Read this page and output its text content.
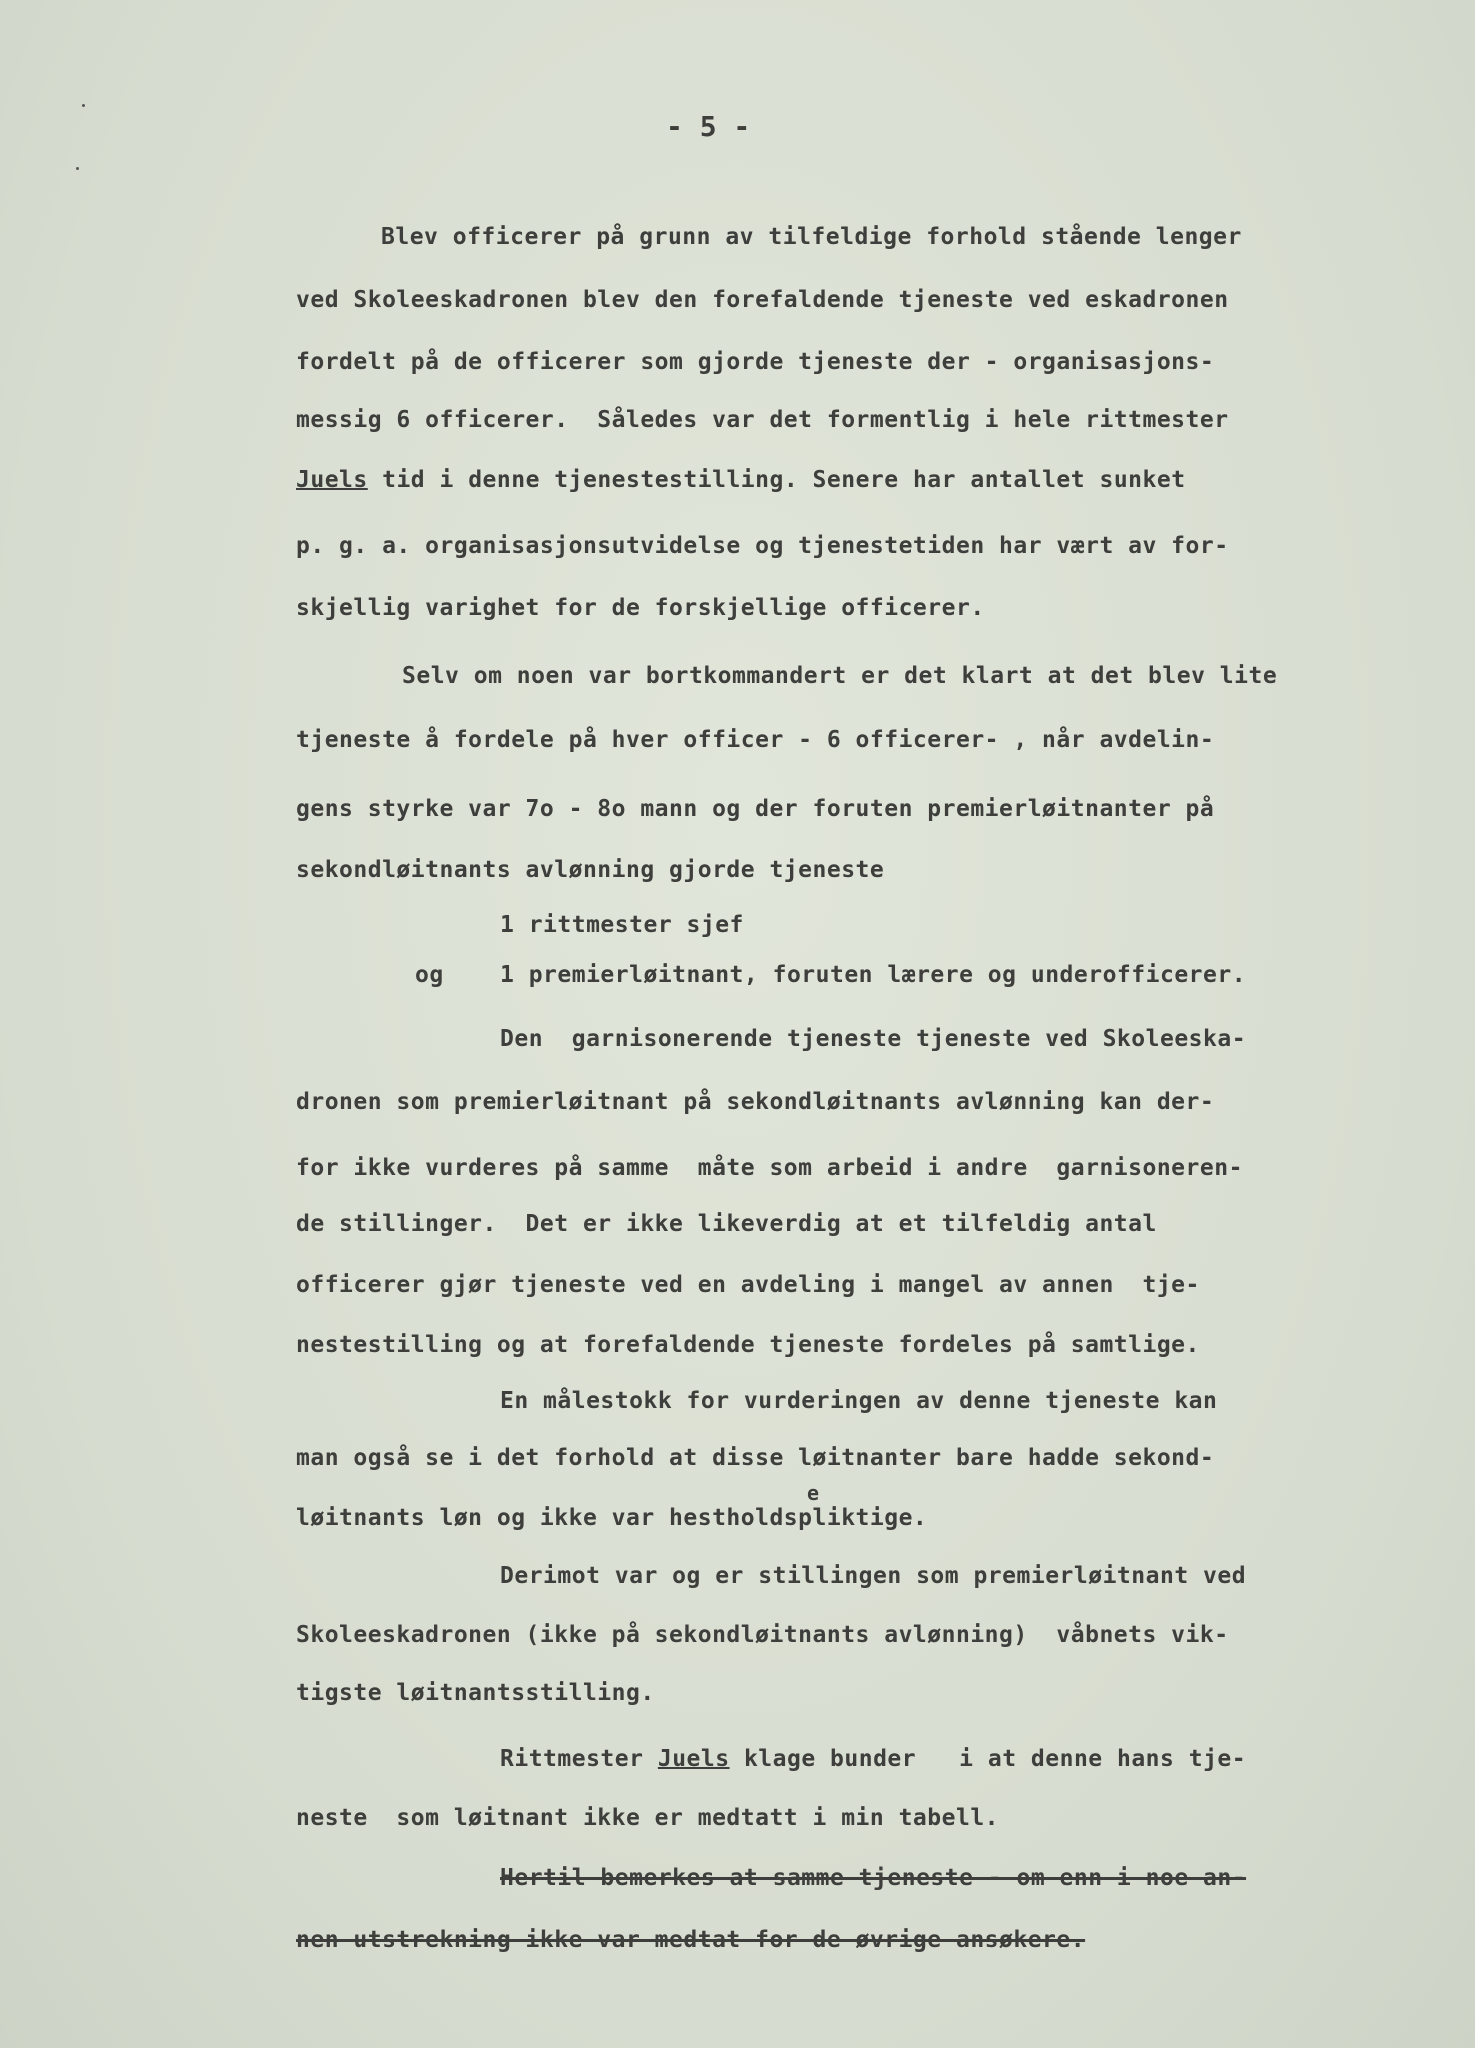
- 5 -
Blev officerer på grunn av tilfeldige forhold stående lenger
ved Skoleeskadronen blev den forefaldende tjeneste ved eskadronen
fordelt på de officerer som gjorde tjeneste der - organisasjons-
messig 6 officerer.  Således var det formentlig i hele rittmester
Juels tid i denne tjenestestilling. Senere har antallet sunket
p. g. a. organisasjonsutvidelse og tjenestetiden har vært av for-
skjellig varighet for de forskjellige officerer.
Selv om noen var bortkommandert er det klart at det blev lite
tjeneste å fordele på hver officer - 6 officerer- , når avdelin-
gens styrke var 7o - 8o mann og der foruten premierløitnanter på
sekondløitnants avlønning gjorde tjeneste
1 rittmester sjef
og 1 premierløitnant, foruten lærere og underofficerer.
Den  garnisonerende tjeneste tjeneste ved Skoleeska-
dronen som premierløitnant på sekondløitnants avlønning kan der-
for ikke vurderes på samme  måte som arbeid i andre  garnisoneren-
de stillinger.  Det er ikke likeverdig at et tilfeldig antal
officerer gjør tjeneste ved en avdeling i mangel av annen  tje-
nestestilling og at forefaldende tjeneste fordeles på samtlige.
En målestokk for vurderingen av denne tjeneste kan
man også se i det forhold at disse løitnanter bare hadde sekond-
e
løitnants løn og ikke var hestholdspliktige.
Derimot var og er stillingen som premierløitnant ved
Skoleeskadronen (ikke på sekondløitnants avlønning)  våbnets vik-
tigste løitnantsstilling.
Rittmester Juels klage bunder   i at denne hans tje-
neste  som løitnant ikke er medtatt i min tabell.
Hertil bemerkes at samme tjeneste - om enn i noe an-
nen utstrekning ikke var medtat for de øvrige ansøkere.
